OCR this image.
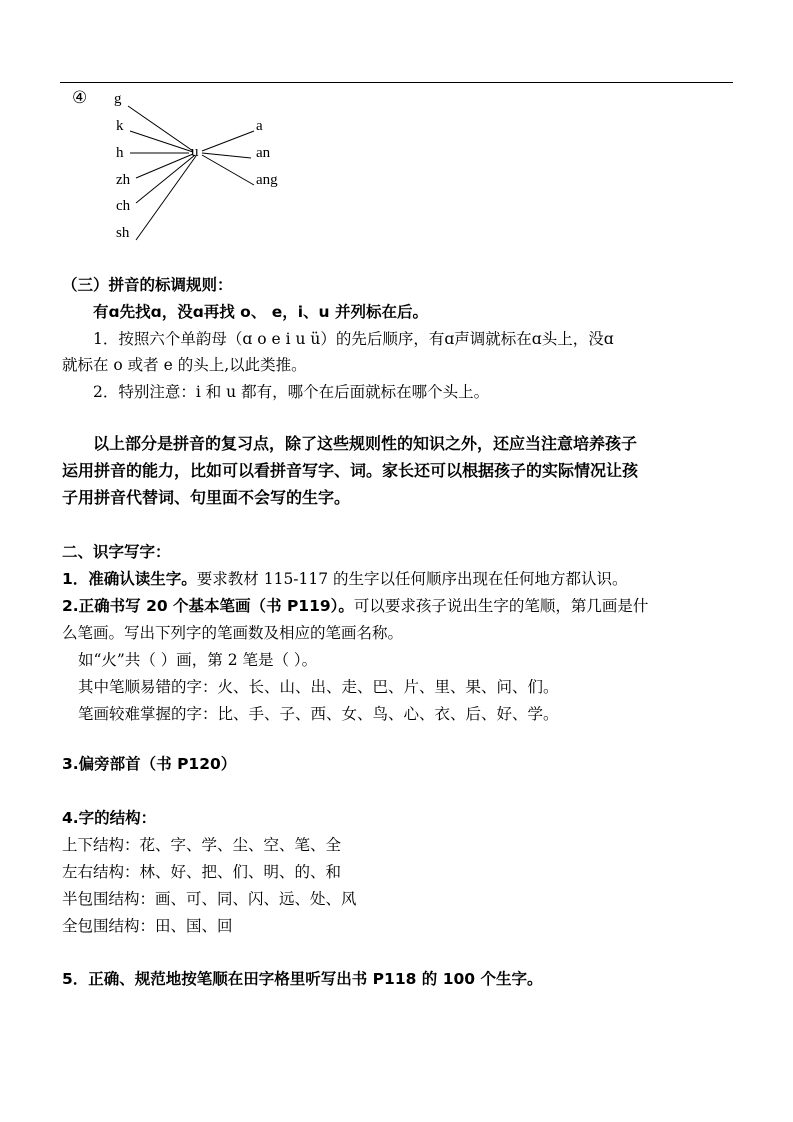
④ g
k
h
zh
ch
sh
u
a
an
ang
（三）拼音的标调规则：
有ɑ先找ɑ，没ɑ再找 o、 e，i、u 并列标在后。
1．按照六个单韵母（ɑ o e i u ü）的先后顺序，有ɑ声调就标在ɑ头上，没ɑ
就标在 o 或者 e 的头上,以此类推。
2．特别注意：i 和 u 都有，哪个在后面就标在哪个头上。
以上部分是拼音的复习点，除了这些规则性的知识之外，还应当注意培养孩子
运用拼音的能力，比如可以看拼音写字、词。家长还可以根据孩子的实际情况让孩
子用拼音代替词、句里面不会写的生字。
二、识字写字：
1．准确认读生字。要求教材 115-117 的生字以任何顺序出现在任何地方都认识。
2.正确书写 20 个基本笔画（书 P119）。可以要求孩子说出生字的笔顺，第几画是什
么笔画。写出下列字的笔画数及相应的笔画名称。
如“火”共（ ）画，第 2 笔是（ ）。
其中笔顺易错的字：火、长、山、出、走、巴、片、里、果、问、们。
笔画较难掌握的字：比、手、子、西、女、鸟、心、衣、后、好、学。
3.偏旁部首（书 P120）
4.字的结构：
上下结构：花、字、学、尘、空、笔、全
左右结构：林、好、把、们、明、的、和
半包围结构：画、可、同、闪、远、处、风
全包围结构：田、国、回
5．正确、规范地按笔顺在田字格里听写出书 P118 的 100 个生字。
